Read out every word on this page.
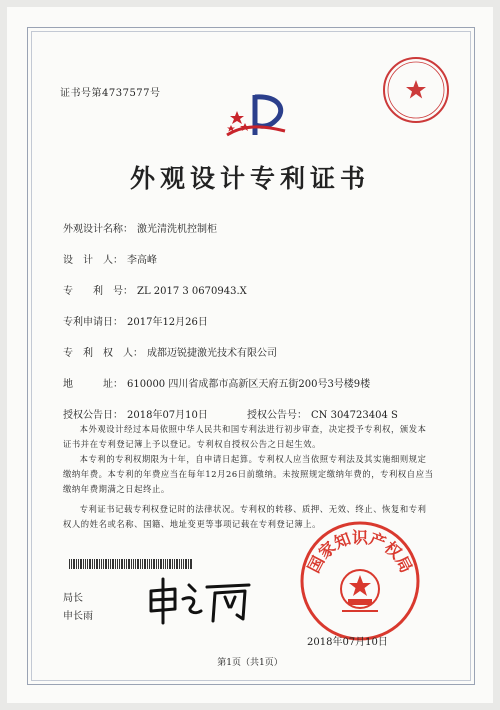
证书号第4737577号
外观设计专利证书
外观设计名称： 激光清洗机控制柜
设　计　人： 李高峰
专　　利　号： ZL 2017 3 0670943.X
专利申请日： 2017年12月26日
专　利　权　人： 成都迈锐捷激光技术有限公司
地　　　址： 610000 四川省成都市高新区天府五街200号3号楼9楼
授权公告日： 2018年07月10日	授权公告号： CN 304723404 S

本外观设计经过本局依照中华人民共和国专利法进行初步审查，决定授予专利权，颁发本证书并在专利登记簿上予以登记。专利权自授权公告之日起生效。

本专利的专利权期限为十年，自申请日起算。专利权人应当依照专利法及其实施细则规定缴纳年费。本专利的年费应当在每年12月26日前缴纳。未按照规定缴纳年费的，专利权自应当缴纳年费期满之日起终止。

专利证书记载专利权登记时的法律状况。专利权的转移、质押、无效、终止、恢复和专利权人的姓名或名称、国籍、地址变更等事项记载在专利登记簿上。

局长
申长雨
国家知识产权局
2018年07月10日
第1页（共1页）
